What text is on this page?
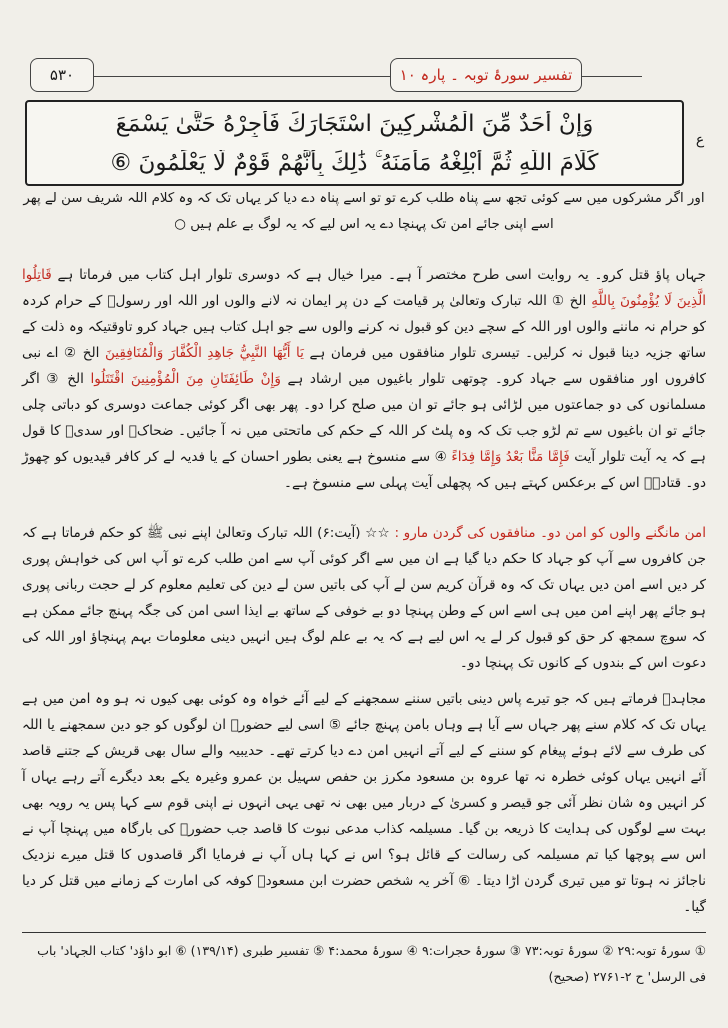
تفسیر سورۂ توبہ ۔ پارہ ۱۰
۵۳۰
وَإِنْ أَحَدٌ مِّنَ الْمُشْرِكِينَ اسْتَجَارَكَ فَأَجِرْهُ حَتَّىٰ يَسْمَعَ
كَلَامَ اللَّهِ ثُمَّ أَبْلِغْهُ مَأْمَنَهُ ۚ ذَٰلِكَ بِأَنَّهُمْ قَوْمٌ لَّا يَعْلَمُونَ ⑥
ع
اور اگر مشرکوں میں سے کوئی تجھ سے پناہ طلب کرے تو تو اسے پناہ دے دیا کر یہاں تک کہ وہ کلام اللہ شریف سن لے پھر اسے اپنی جائے امن تک پہنچا دے یہ اس لیے کہ یہ لوگ بے علم ہیں ○

جہاں پاؤ قتل کرو۔ یہ روایت اسی طرح مختصر آ ہے۔ میرا خیال ہے کہ دوسری تلوار اہل کتاب میں فرماتا ہے قَاتِلُوا الَّذِينَ لَا يُؤْمِنُونَ بِاللَّهِ الخ ① اللہ تبارک وتعالیٰ پر قیامت کے دن پر ایمان نہ لانے والوں اور اللہ اور رسولؐ کے حرام کردہ کو حرام نہ ماننے والوں اور اللہ کے سچے دین کو قبول نہ کرنے والوں سے جو اہل کتاب ہیں جہاد کرو تاوقتیکہ وہ ذلت کے ساتھ جزیہ دینا قبول نہ کرلیں۔ تیسری تلوار منافقوں میں فرمان ہے يَا أَيُّهَا النَّبِيُّ جَاهِدِ الْكُفَّارَ وَالْمُنَافِقِينَ الخ ② اے نبی کافروں اور منافقوں سے جہاد کرو۔ چوتھی تلوار باغیوں میں ارشاد ہے وَإِنْ طَائِفَتَانِ مِنَ الْمُؤْمِنِينَ اقْتَتَلُوا الخ ③ اگر مسلمانوں کی دو جماعتوں میں لڑائی ہو جائے تو ان میں صلح کرا دو۔ پھر بھی اگر کوئی جماعت دوسری کو دباتی چلی جائے تو ان باغیوں سے تم لڑو جب تک کہ وہ پلٹ کر اللہ کے حکم کی ماتحتی میں نہ آ جائیں۔ ضحاکؒ اور سدیؒ کا قول ہے کہ یہ آیت تلوار آیت فَإِمَّا مَنًّا بَعْدُ وَإِمَّا فِدَاءً ④ سے منسوخ ہے یعنی بطور احسان کے یا فدیہ لے کر کافر قیدیوں کو چھوڑ دو۔ قتادہؒ اس کے برعکس کہتے ہیں کہ پچھلی آیت پہلی سے منسوخ ہے۔

امن مانگنے والوں کو امن دو۔ منافقوں کی گردن مارو : ☆☆ (آیت:۶) اللہ تبارک وتعالیٰ اپنے نبی ﷺ کو حکم فرماتا ہے کہ جن کافروں سے آپ کو جہاد کا حکم دیا گیا ہے ان میں سے اگر کوئی آپ سے امن طلب کرے تو آپ اس کی خواہش پوری کر دیں اسے امن دیں یہاں تک کہ وہ قرآن کریم سن لے آپ کی باتیں سن لے دین کی تعلیم معلوم کر لے حجت ربانی پوری ہو جائے پھر اپنے امن میں ہی اسے اس کے وطن پہنچا دو بے خوفی کے ساتھ بے ایذا اسی امن کی جگہ پہنچ جائے ممکن ہے کہ سوچ سمجھ کر حق کو قبول کر لے یہ اس لیے ہے کہ یہ بے علم لوگ ہیں انہیں دینی معلومات بہم پہنچاؤ اور اللہ کی دعوت اس کے بندوں کے کانوں تک پہنچا دو۔

مجاہدؒ فرماتے ہیں کہ جو تیرے پاس دینی باتیں سننے سمجھنے کے لیے آئے خواہ وہ کوئی بھی کیوں نہ ہو وہ امن میں ہے یہاں تک کہ کلام سنے پھر جہاں سے آیا ہے وہاں بامن پہنچ جائے ⑤ اسی لیے حضورؐ ان لوگوں کو جو دین سمجھنے یا اللہ کی طرف سے لائے ہوئے پیغام کو سننے کے لیے آتے انہیں امن دے دیا کرتے تھے۔ حدیبیہ والے سال بھی قریش کے جتنے قاصد آئے انہیں یہاں کوئی خطرہ نہ تھا عروہ بن مسعود مکرز بن حفص سہیل بن عمرو وغیرہ یکے بعد دیگرے آتے رہے یہاں آ کر انہیں وہ شان نظر آئی جو قیصر و کسریٰ کے دربار میں بھی نہ تھی یہی انہوں نے اپنی قوم سے کہا پس یہ رویہ بھی بہت سے لوگوں کی ہدایت کا ذریعہ بن گیا۔ مسیلمہ کذاب مدعی نبوت کا قاصد جب حضورؐ کی بارگاہ میں پہنچا آپ نے اس سے پوچھا کیا تم مسیلمہ کی رسالت کے قائل ہو؟ اس نے کہا ہاں آپ نے فرمایا اگر قاصدوں کا قتل میرے نزدیک ناجائز نہ ہوتا تو میں تیری گردن اڑا دیتا۔ ⑥ آخر یہ شخص حضرت ابن مسعودؓ کوفہ کی امارت کے زمانے میں قتل کر دیا گیا۔

① سورۂ توبہ:۲۹ ② سورۂ توبہ:۷۳ ③ سورۂ حجرات:۹ ④ سورۂ محمد:۴ ⑤ تفسیر طبری (۱۳۹/۱۴) ⑥ ابو داؤد' کتاب الجہاد' باب
فی الرسل' ح ۲-۲۷۶۱ (صحیح)
